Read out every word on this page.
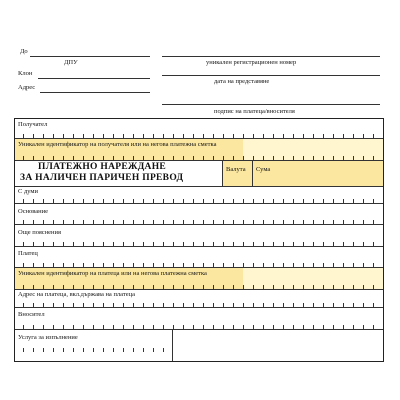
До
ДПУ
Клон
Адрес
уникален регистрационен номер
дата на представяне
подпис на платеца/вносителя
Получател
Уникален идентификатор на получателя или на негова платежна сметка
ПЛАТЕЖНО НАРЕЖДАНЕ
ЗА НАЛИЧЕН ПАРИЧЕН ПРЕВОД
Валута Сума
С думи
Основание
Още пояснения
Платец
Уникален идентификатор на платеца или на негова платежна сметка
Адрес на платеца, вкл.държава на платеца
Вносител
Услуга за изпълнение
